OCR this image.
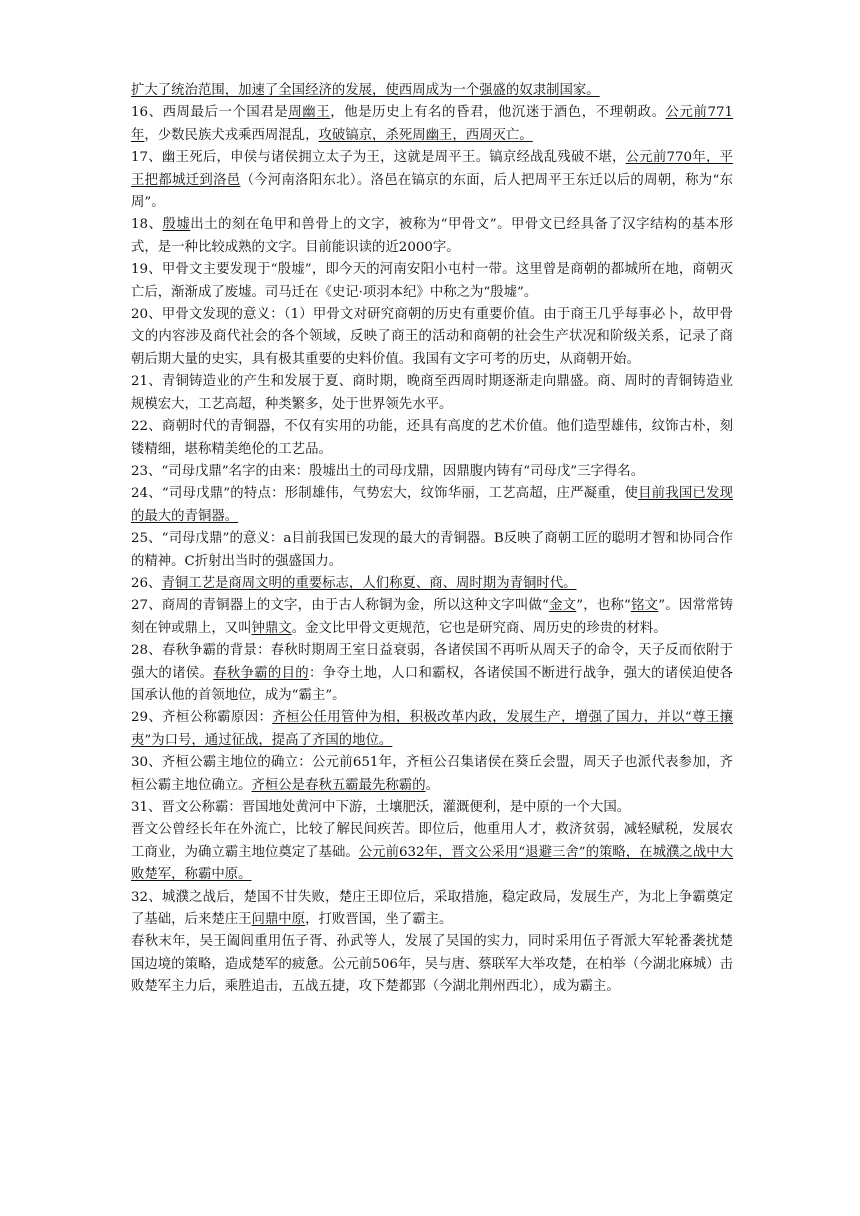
扩大了统治范围，加速了全国经济的发展，使西周成为一个强盛的奴隶制国家。

16、西周最后一个国君是周幽王，他是历史上有名的昏君，他沉迷于酒色，不理朝政。公元前771年，少数民族犬戎乘西周混乱，攻破镐京，杀死周幽王，西周灭亡。

17、幽王死后，申侯与诸侯拥立太子为王，这就是周平王。镐京经战乱残破不堪，公元前770年，平王把都城迁到洛邑（今河南洛阳东北）。洛邑在镐京的东面，后人把周平王东迁以后的周朝，称为“东周”。

18、殷墟出土的刻在龟甲和兽骨上的文字，被称为“甲骨文”。甲骨文已经具备了汉字结构的基本形式，是一种比较成熟的文字。目前能识读的近2000字。

19、甲骨文主要发现于“殷墟”，即今天的河南安阳小屯村一带。这里曾是商朝的都城所在地，商朝灭亡后，渐渐成了废墟。司马迁在《史记·项羽本纪》中称之为“殷墟”。

20、甲骨文发现的意义：（1）甲骨文对研究商朝的历史有重要价值。由于商王几乎每事必卜，故甲骨文的内容涉及商代社会的各个领域，反映了商王的活动和商朝的社会生产状况和阶级关系，记录了商朝后期大量的史实，具有极其重要的史料价值。我国有文字可考的历史，从商朝开始。

21、青铜铸造业的产生和发展于夏、商时期，晚商至西周时期逐渐走向鼎盛。商、周时的青铜铸造业规模宏大，工艺高超，种类繁多，处于世界领先水平。

22、商朝时代的青铜器，不仅有实用的功能，还具有高度的艺术价值。他们造型雄伟，纹饰古朴，刻镂精细，堪称精美绝伦的工艺品。

23、“司母戊鼎”名字的由来：殷墟出土的司母戊鼎，因鼎腹内铸有“司母戊”三字得名。

24、“司母戊鼎”的特点：形制雄伟，气势宏大，纹饰华丽，工艺高超，庄严凝重，使目前我国已发现的最大的青铜器。

25、“司母戊鼎”的意义：a目前我国已发现的最大的青铜器。B反映了商朝工匠的聪明才智和协同合作的精神。C折射出当时的强盛国力。

26、青铜工艺是商周文明的重要标志，人们称夏、商、周时期为青铜时代。

27、商周的青铜器上的文字，由于古人称铜为金，所以这种文字叫做“金文”，也称“铭文”。因常常铸刻在钟或鼎上，又叫钟鼎文。金文比甲骨文更规范，它也是研究商、周历史的珍贵的材料。

28、春秋争霸的背景：春秋时期周王室日益衰弱，各诸侯国不再听从周天子的命令，天子反而依附于强大的诸侯。春秋争霸的目的：争夺土地，人口和霸权，各诸侯国不断进行战争，强大的诸侯迫使各国承认他的首领地位，成为“霸主”。

29、齐桓公称霸原因：齐桓公任用管仲为相，积极改革内政，发展生产，增强了国力，并以“尊王攘夷”为口号，通过征战，提高了齐国的地位。

30、齐桓公霸主地位的确立：公元前651年，齐桓公召集诸侯在葵丘会盟，周天子也派代表参加，齐桓公霸主地位确立。齐桓公是春秋五霸最先称霸的。

31、晋文公称霸：晋国地处黄河中下游，土壤肥沃，灌溉便利，是中原的一个大国。

晋文公曾经长年在外流亡，比较了解民间疾苦。即位后，他重用人才，救济贫弱，减轻赋税，发展农工商业，为确立霸主地位奠定了基础。公元前632年，晋文公采用“退避三舍”的策略，在城濮之战中大败楚军，称霸中原。

32、城濮之战后，楚国不甘失败，楚庄王即位后，采取措施，稳定政局，发展生产，为北上争霸奠定了基础，后来楚庄王问鼎中原，打败晋国，坐了霸主。

春秋末年，吴王阖闾重用伍子胥、孙武等人，发展了吴国的实力，同时采用伍子胥派大军轮番袭扰楚国边境的策略，造成楚军的疲惫。公元前506年，吴与唐、蔡联军大举攻楚，在柏举（今湖北麻城）击败楚军主力后，乘胜追击，五战五捷，攻下楚都郢（今湖北荆州西北），成为霸主。
